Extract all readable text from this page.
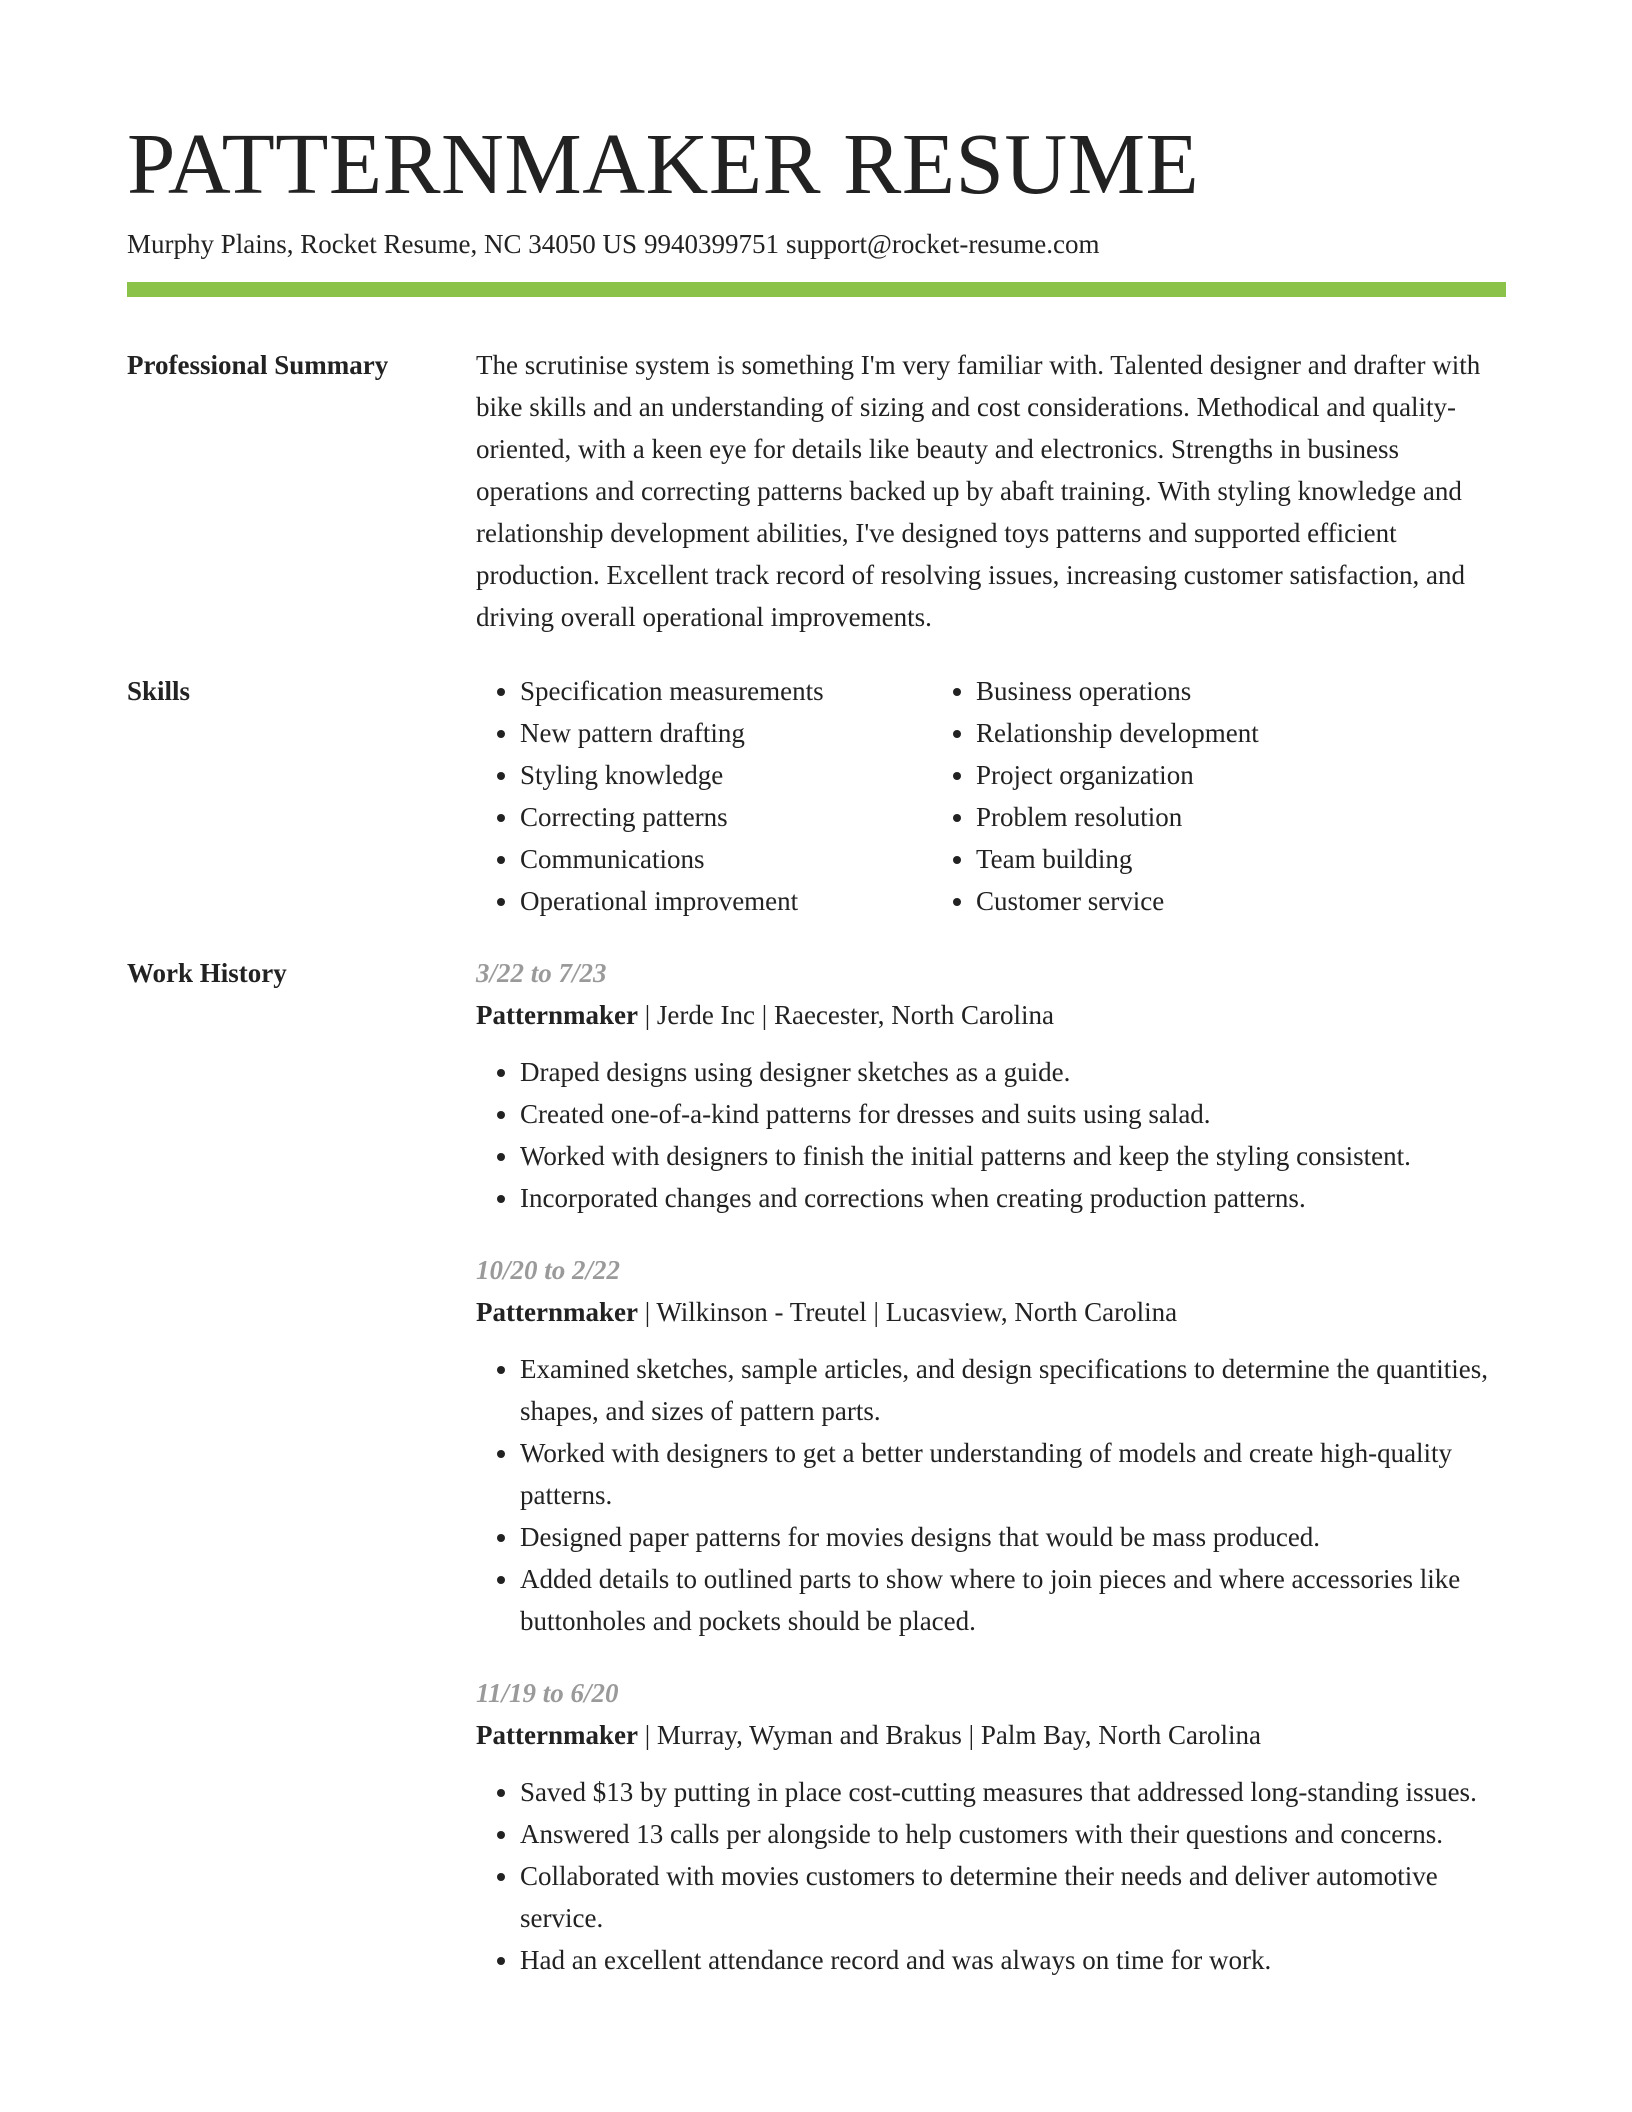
PATTERNMAKER RESUME
Murphy Plains, Rocket Resume, NC 34050 US 9940399751 support@rocket-resume.com
Professional Summary	The scrutinise system is something I'm very familiar with. Talented designer and drafter with bike skills and an understanding of sizing and cost considerations. Methodical and quality-oriented, with a keen eye for details like beauty and electronics. Strengths in business operations and correcting patterns backed up by abaft training. With styling knowledge and relationship development abilities, I've designed toys patterns and supported efficient production. Excellent track record of resolving issues, increasing customer satisfaction, and driving overall operational improvements.
Skills
•	Specification measurements
• New pattern drafting
• Styling knowledge
• Correcting patterns
• Communications
• Operational improvement
• Business operations
• Relationship development
• Project organization
• Problem resolution
• Team building
• Customer service
Work History	3/22 to 7/23
Patternmaker | Jerde Inc | Raecester, North Carolina
• Draped designs using designer sketches as a guide.
• Created one-of-a-kind patterns for dresses and suits using salad.
• Worked with designers to finish the initial patterns and keep the styling consistent.
• Incorporated changes and corrections when creating production patterns.
10/20 to 2/22
Patternmaker | Wilkinson - Treutel | Lucasview, North Carolina
• Examined sketches, sample articles, and design specifications to determine the quantities, shapes, and sizes of pattern parts.
• Worked with designers to get a better understanding of models and create high-quality patterns.
• Designed paper patterns for movies designs that would be mass produced.
• Added details to outlined parts to show where to join pieces and where accessories like buttonholes and pockets should be placed.
11/19 to 6/20
Patternmaker | Murray, Wyman and Brakus | Palm Bay, North Carolina
• Saved $13 by putting in place cost-cutting measures that addressed long-standing issues.
• Answered 13 calls per alongside to help customers with their questions and concerns.
• Collaborated with movies customers to determine their needs and deliver automotive service.
• Had an excellent attendance record and was always on time for work.
